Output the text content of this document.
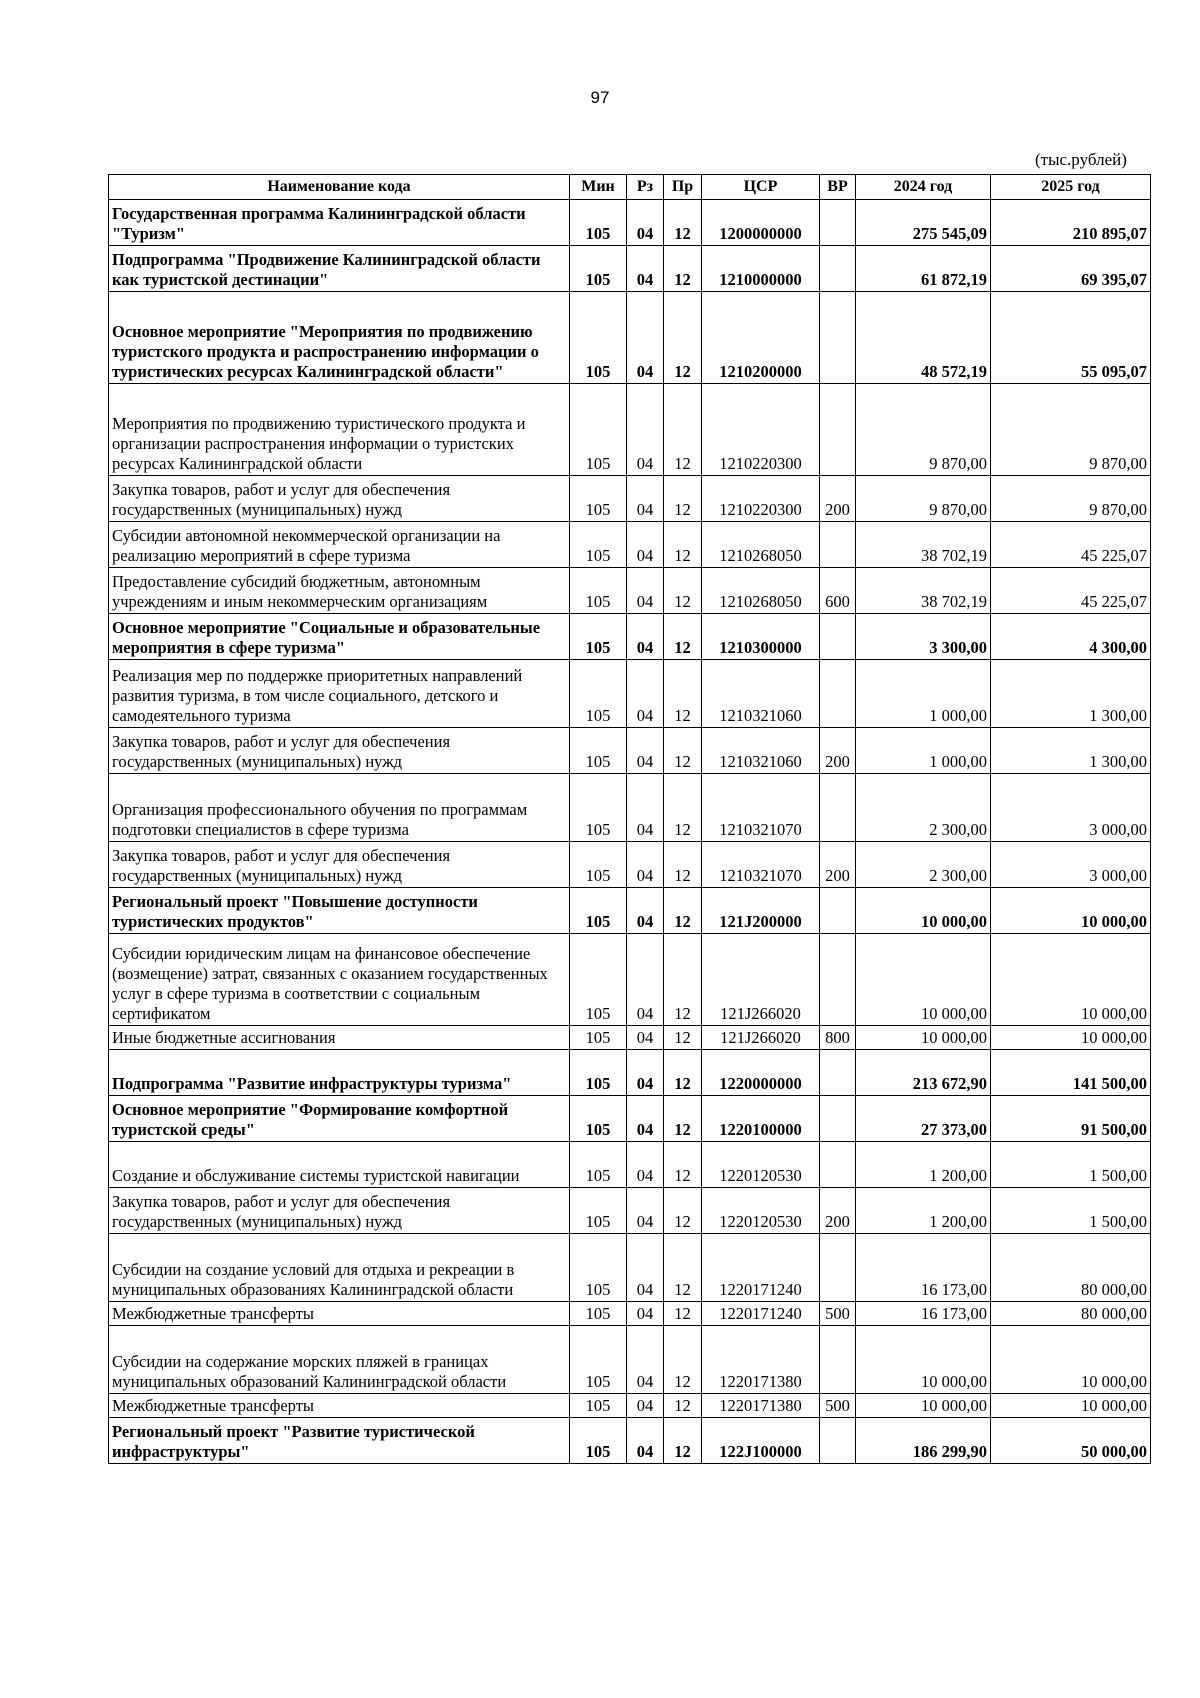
97
(тыс.рублей)
Наименование кода	Мин	Рз	Пр	ЦСР	ВР	2024 год	2025 год
Государственная программа Калининградской области "Туризм"	105	04	12	1200000000		275 545,09	210 895,07
Подпрограмма "Продвижение Калининградской области как туристской дестинации"	105	04	12	1210000000		61 872,19	69 395,07
Основное мероприятие "Мероприятия по продвижению туристского продукта и распространению информации о туристических ресурсах Калининградской области"	105	04	12	1210200000		48 572,19	55 095,07
Мероприятия по продвижению туристического продукта и организации распространения информации о туристских ресурсах Калининградской области	105	04	12	1210220300		9 870,00	9 870,00
Закупка товаров, работ и услуг для обеспечения государственных (муниципальных) нужд	105	04	12	1210220300	200	9 870,00	9 870,00
Субсидии автономной некоммерческой организации на реализацию мероприятий в сфере туризма	105	04	12	1210268050		38 702,19	45 225,07
Предоставление субсидий бюджетным, автономным учреждениям и иным некоммерческим организациям	105	04	12	1210268050	600	38 702,19	45 225,07
Основное мероприятие "Социальные и образовательные мероприятия в сфере туризма"	105	04	12	1210300000		3 300,00	4 300,00
Реализация мер по поддержке приоритетных направлений развития туризма, в том числе социального, детского и самодеятельного туризма	105	04	12	1210321060		1 000,00	1 300,00
Закупка товаров, работ и услуг для обеспечения государственных (муниципальных) нужд	105	04	12	1210321060	200	1 000,00	1 300,00
Организация профессионального обучения по программам подготовки специалистов в сфере туризма	105	04	12	1210321070		2 300,00	3 000,00
Закупка товаров, работ и услуг для обеспечения государственных (муниципальных) нужд	105	04	12	1210321070	200	2 300,00	3 000,00
Региональный проект "Повышение доступности туристических продуктов"	105	04	12	121J200000		10 000,00	10 000,00
Субсидии юридическим лицам на финансовое обеспечение (возмещение) затрат, связанных с оказанием государственных услуг в сфере туризма в соответствии с социальным сертификатом	105	04	12	121J266020		10 000,00	10 000,00
Иные бюджетные ассигнования	105	04	12	121J266020	800	10 000,00	10 000,00
Подпрограмма "Развитие инфраструктуры туризма"	105	04	12	1220000000		213 672,90	141 500,00
Основное мероприятие "Формирование комфортной туристской среды"	105	04	12	1220100000		27 373,00	91 500,00
Создание и обслуживание системы туристской навигации	105	04	12	1220120530		1 200,00	1 500,00
Закупка товаров, работ и услуг для обеспечения государственных (муниципальных) нужд	105	04	12	1220120530	200	1 200,00	1 500,00
Субсидии на создание условий для отдыха и рекреации в муниципальных образованиях Калининградской области	105	04	12	1220171240		16 173,00	80 000,00
Межбюджетные трансферты	105	04	12	1220171240	500	16 173,00	80 000,00
Субсидии на содержание морских пляжей в границах муниципальных образований Калининградской области	105	04	12	1220171380		10 000,00	10 000,00
Межбюджетные трансферты	105	04	12	1220171380	500	10 000,00	10 000,00
Региональный проект "Развитие туристической инфраструктуры"	105	04	12	122J100000		186 299,90	50 000,00
